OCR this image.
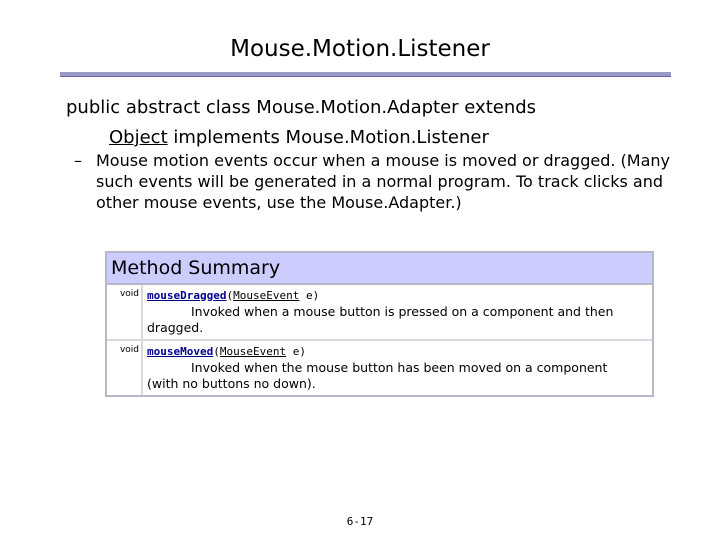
Mouse.Motion.Listener
public abstract class Mouse.Motion.Adapter extends
Object implements Mouse.Motion.Listener
– Mouse motion events occur when a mouse is moved or dragged. (Many such events will be generated in a normal program. To track clicks and other mouse events, use the Mouse.Adapter.)
Method Summary
void mouseDragged(MouseEvent e)
Invoked when a mouse button is pressed on a component and then
dragged.
void mouseMoved(MouseEvent e)
Invoked when the mouse button has been moved on a component
(with no buttons no down).
6-17
